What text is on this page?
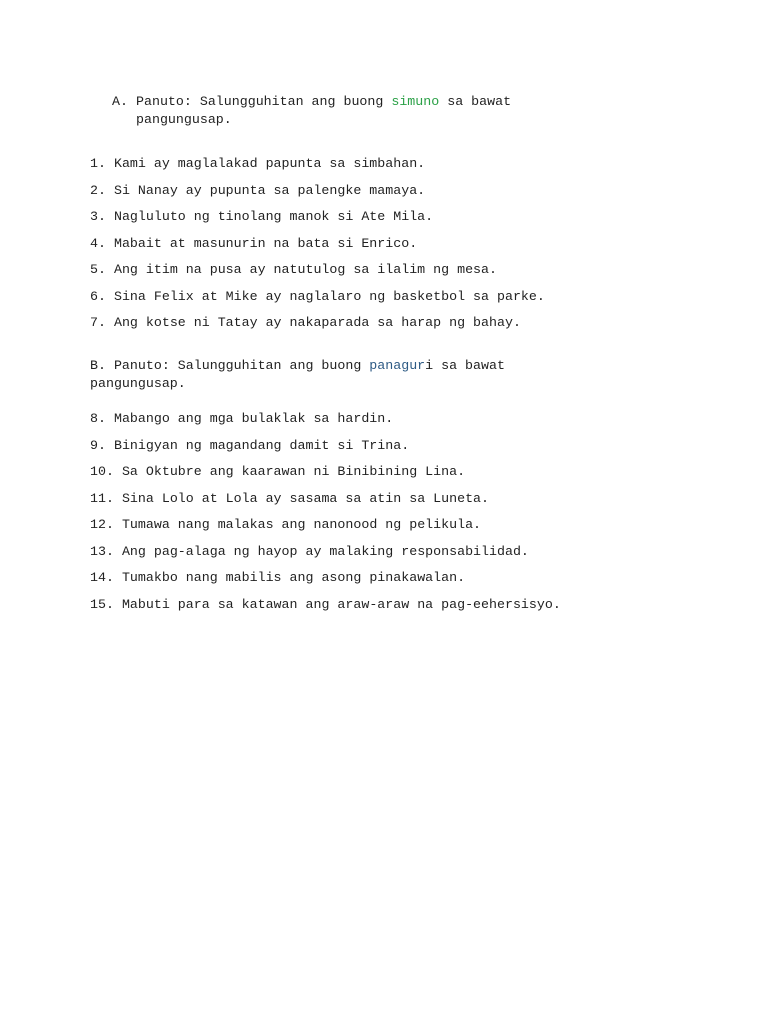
A. Panuto: Salungguhitan ang buong simuno sa bawat pangungusap.
1. Kami ay maglalakad papunta sa simbahan.
2. Si Nanay ay pupunta sa palengke mamaya.
3. Nagluluto ng tinolang manok si Ate Mila.
4. Mabait at masunurin na bata si Enrico.
5. Ang itim na pusa ay natutulog sa ilalim ng mesa.
6. Sina Felix at Mike ay naglalaro ng basketbol sa parke.
7. Ang kotse ni Tatay ay nakaparada sa harap ng bahay.
B. Panuto: Salungguhitan ang buong panaguri sa bawat pangungusap.
8. Mabango ang mga bulaklak sa hardin.
9. Binigyan ng magandang damit si Trina.
10. Sa Oktubre ang kaarawan ni Binibining Lina.
11. Sina Lolo at Lola ay sasama sa atin sa Luneta.
12. Tumawa nang malakas ang nanonood ng pelikula.
13. Ang pag-alaga ng hayop ay malaking responsabilidad.
14. Tumakbo nang mabilis ang asong pinakawalan.
15. Mabuti para sa katawan ang araw-araw na pag-eehersisyo.
